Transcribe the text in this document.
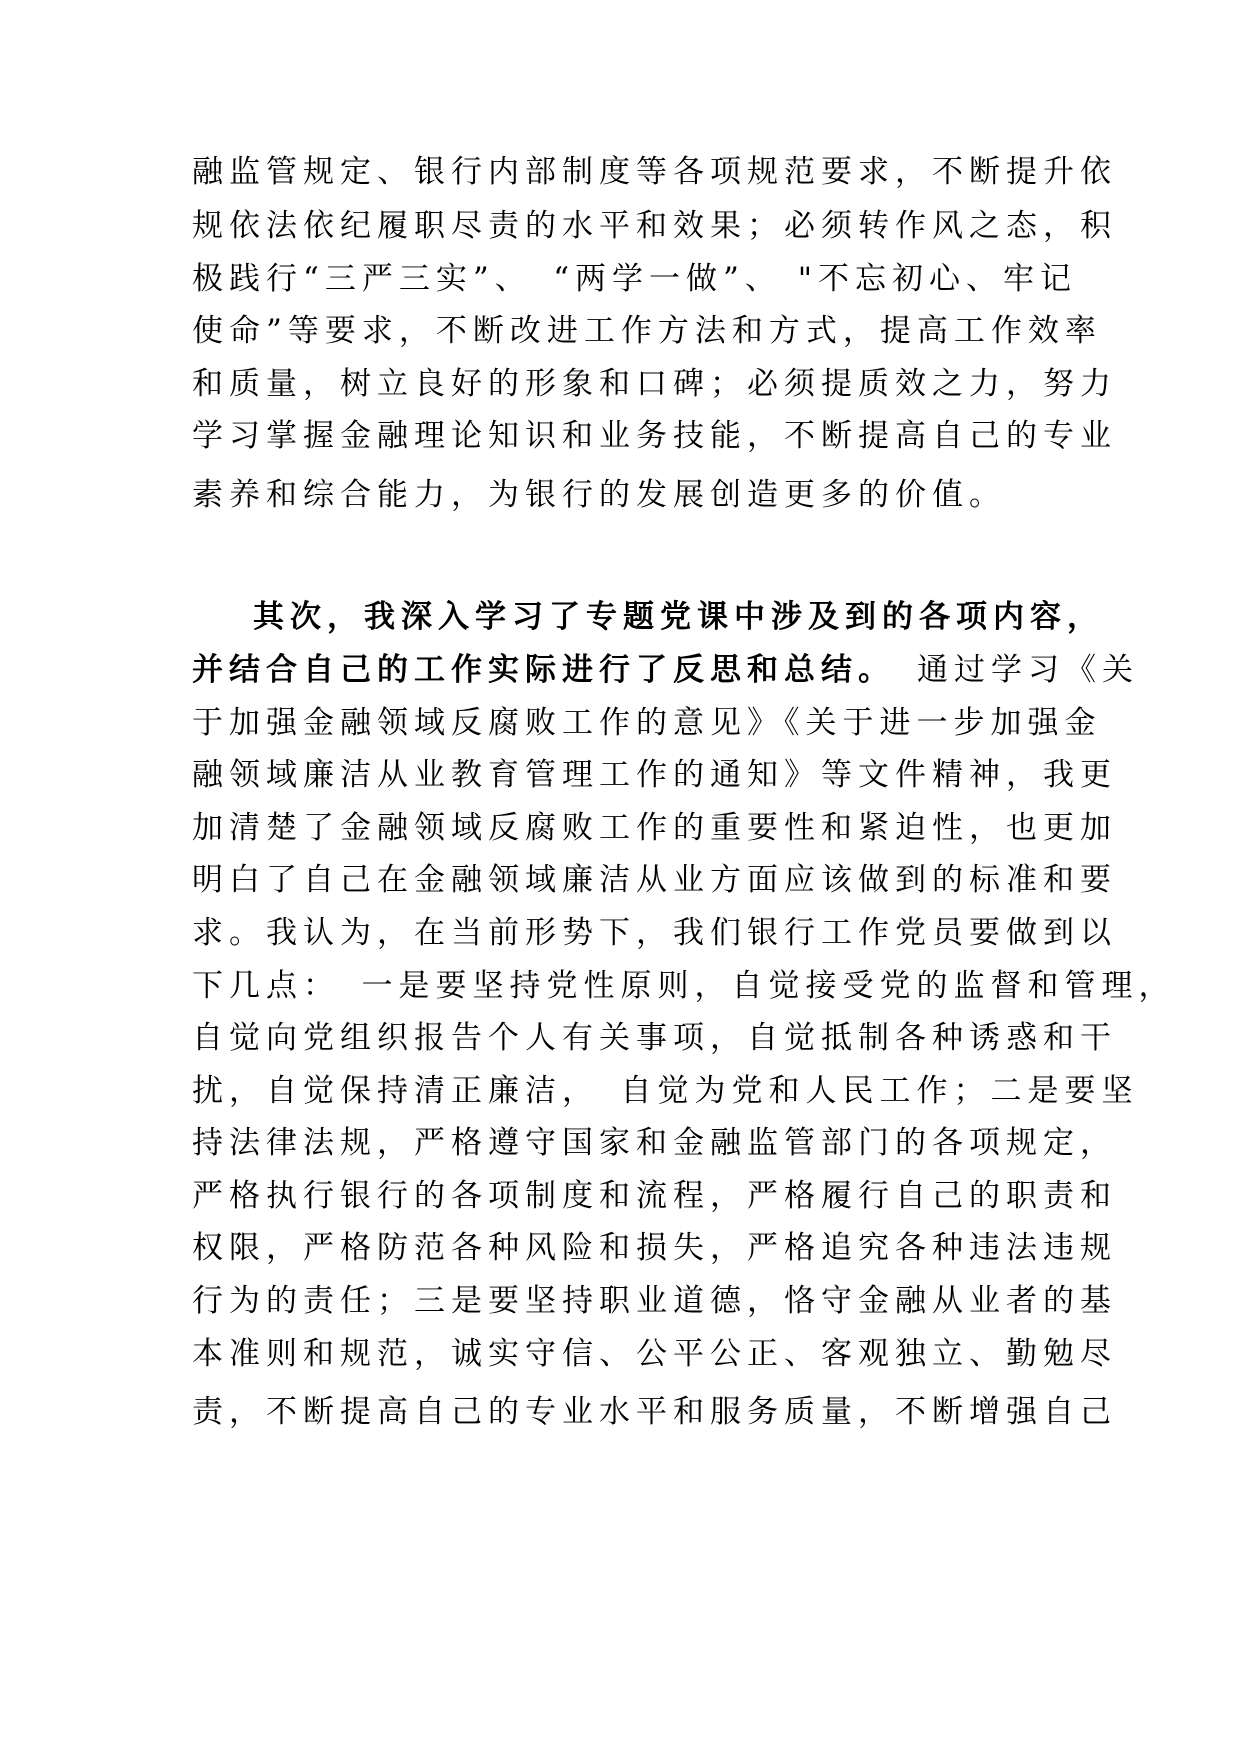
融监管规定、银行内部制度等各项规范要求，不断提升依
规依法依纪履职尽责的水平和效果；必须转作风之态，积
极践行“三严三实”、　“两学一做”、 "不忘初心、牢记
使命”等要求，不断改进工作方法和方式，提高工作效率
和质量，树立良好的形象和口碑；必须提质效之力，努力
学习掌握金融理论知识和业务技能，不断提高自己的专业
素养和综合能力，为银行的发展创造更多的价值。
其次，我深入学习了专题党课中涉及到的各项内容，
并结合自己的工作实际进行了反思和总结。 通过学习《关
于加强金融领域反腐败工作的意见》《关于进一步加强金
融领域廉洁从业教育管理工作的通知》等文件精神，我更
加清楚了金融领域反腐败工作的重要性和紧迫性，也更加
明白了自己在金融领域廉洁从业方面应该做到的标准和要
求。我认为，在当前形势下，我们银行工作党员要做到以
下几点：　一是要坚持党性原则，自觉接受党的监督和管理，
自觉向党组织报告个人有关事项，自觉抵制各种诱惑和干
扰，自觉保持清正廉洁，　自觉为党和人民工作；二是要坚
持法律法规，严格遵守国家和金融监管部门的各项规定，
严格执行银行的各项制度和流程，严格履行自己的职责和
权限，严格防范各种风险和损失，严格追究各种违法违规
行为的责任；三是要坚持职业道德，恪守金融从业者的基
本准则和规范，诚实守信、公平公正、客观独立、勤勉尽
责，不断提高自己的专业水平和服务质量，不断增强自己
